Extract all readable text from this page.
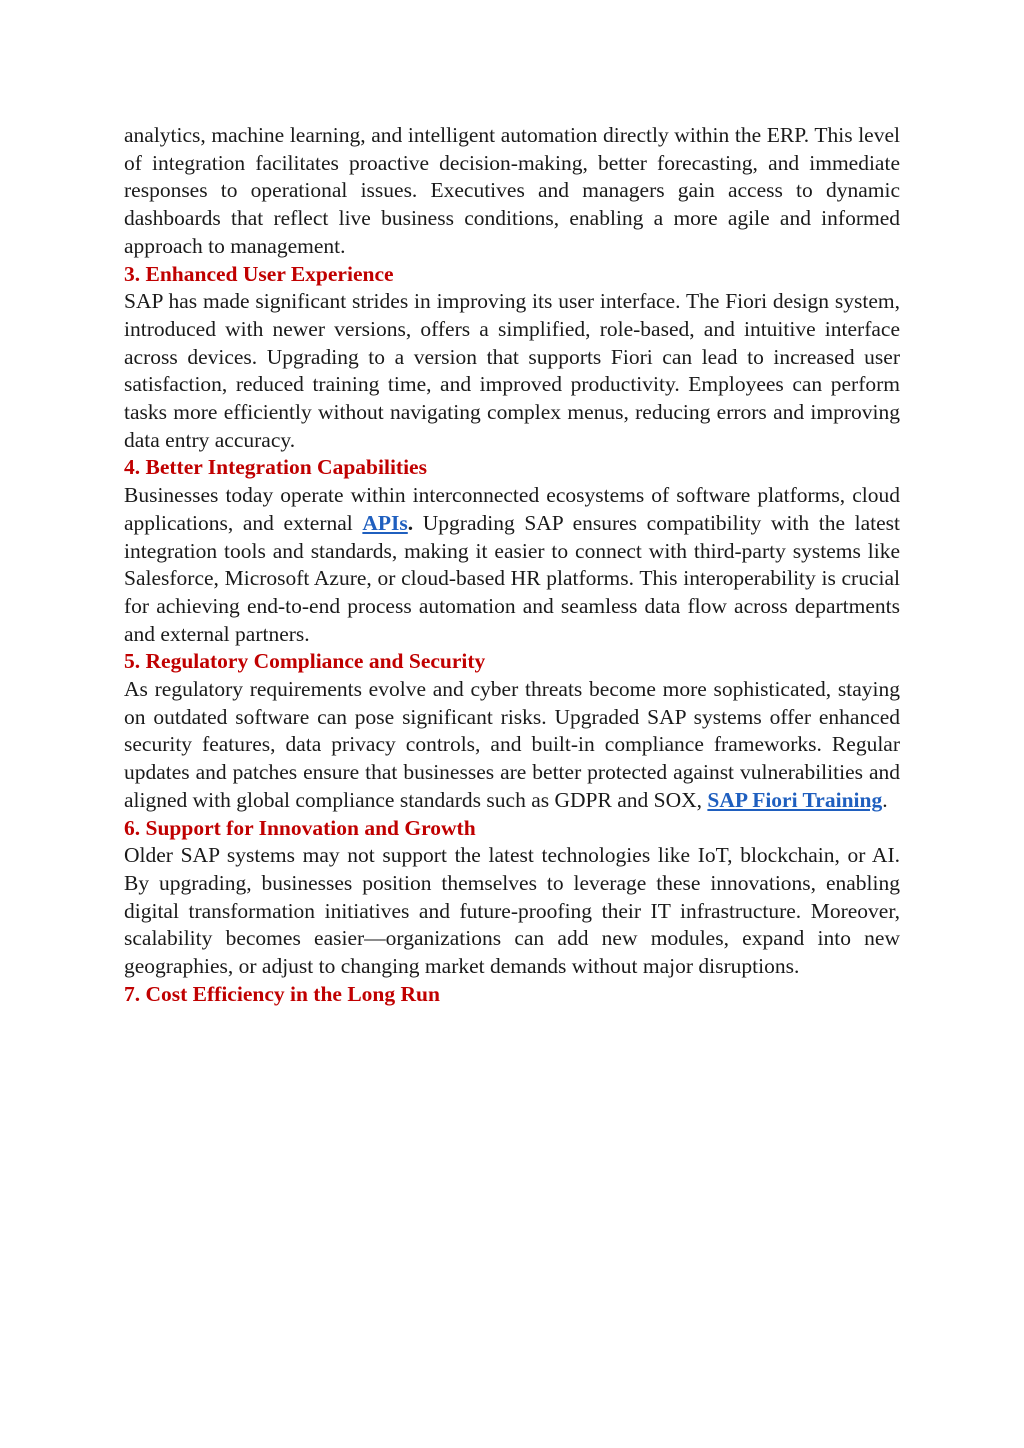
analytics, machine learning, and intelligent automation directly within the ERP. This level of integration facilitates proactive decision-making, better forecasting, and immediate responses to operational issues. Executives and managers gain access to dynamic dashboards that reflect live business conditions, enabling a more agile and informed approach to management.

3. Enhanced User Experience

SAP has made significant strides in improving its user interface. The Fiori design system, introduced with newer versions, offers a simplified, role-based, and intuitive interface across devices. Upgrading to a version that supports Fiori can lead to increased user satisfaction, reduced training time, and improved productivity. Employees can perform tasks more efficiently without navigating complex menus, reducing errors and improving data entry accuracy.

4. Better Integration Capabilities

Businesses today operate within interconnected ecosystems of software platforms, cloud applications, and external APIs. Upgrading SAP ensures compatibility with the latest integration tools and standards, making it easier to connect with third-party systems like Salesforce, Microsoft Azure, or cloud-based HR platforms. This interoperability is crucial for achieving end-to-end process automation and seamless data flow across departments and external partners.

5. Regulatory Compliance and Security

As regulatory requirements evolve and cyber threats become more sophisticated, staying on outdated software can pose significant risks. Upgraded SAP systems offer enhanced security features, data privacy controls, and built-in compliance frameworks. Regular updates and patches ensure that businesses are better protected against vulnerabilities and aligned with global compliance standards such as GDPR and SOX, SAP Fiori Training.

6. Support for Innovation and Growth

Older SAP systems may not support the latest technologies like IoT, blockchain, or AI. By upgrading, businesses position themselves to leverage these innovations, enabling digital transformation initiatives and future-proofing their IT infrastructure. Moreover, scalability becomes easier—organizations can add new modules, expand into new geographies, or adjust to changing market demands without major disruptions.

7. Cost Efficiency in the Long Run
